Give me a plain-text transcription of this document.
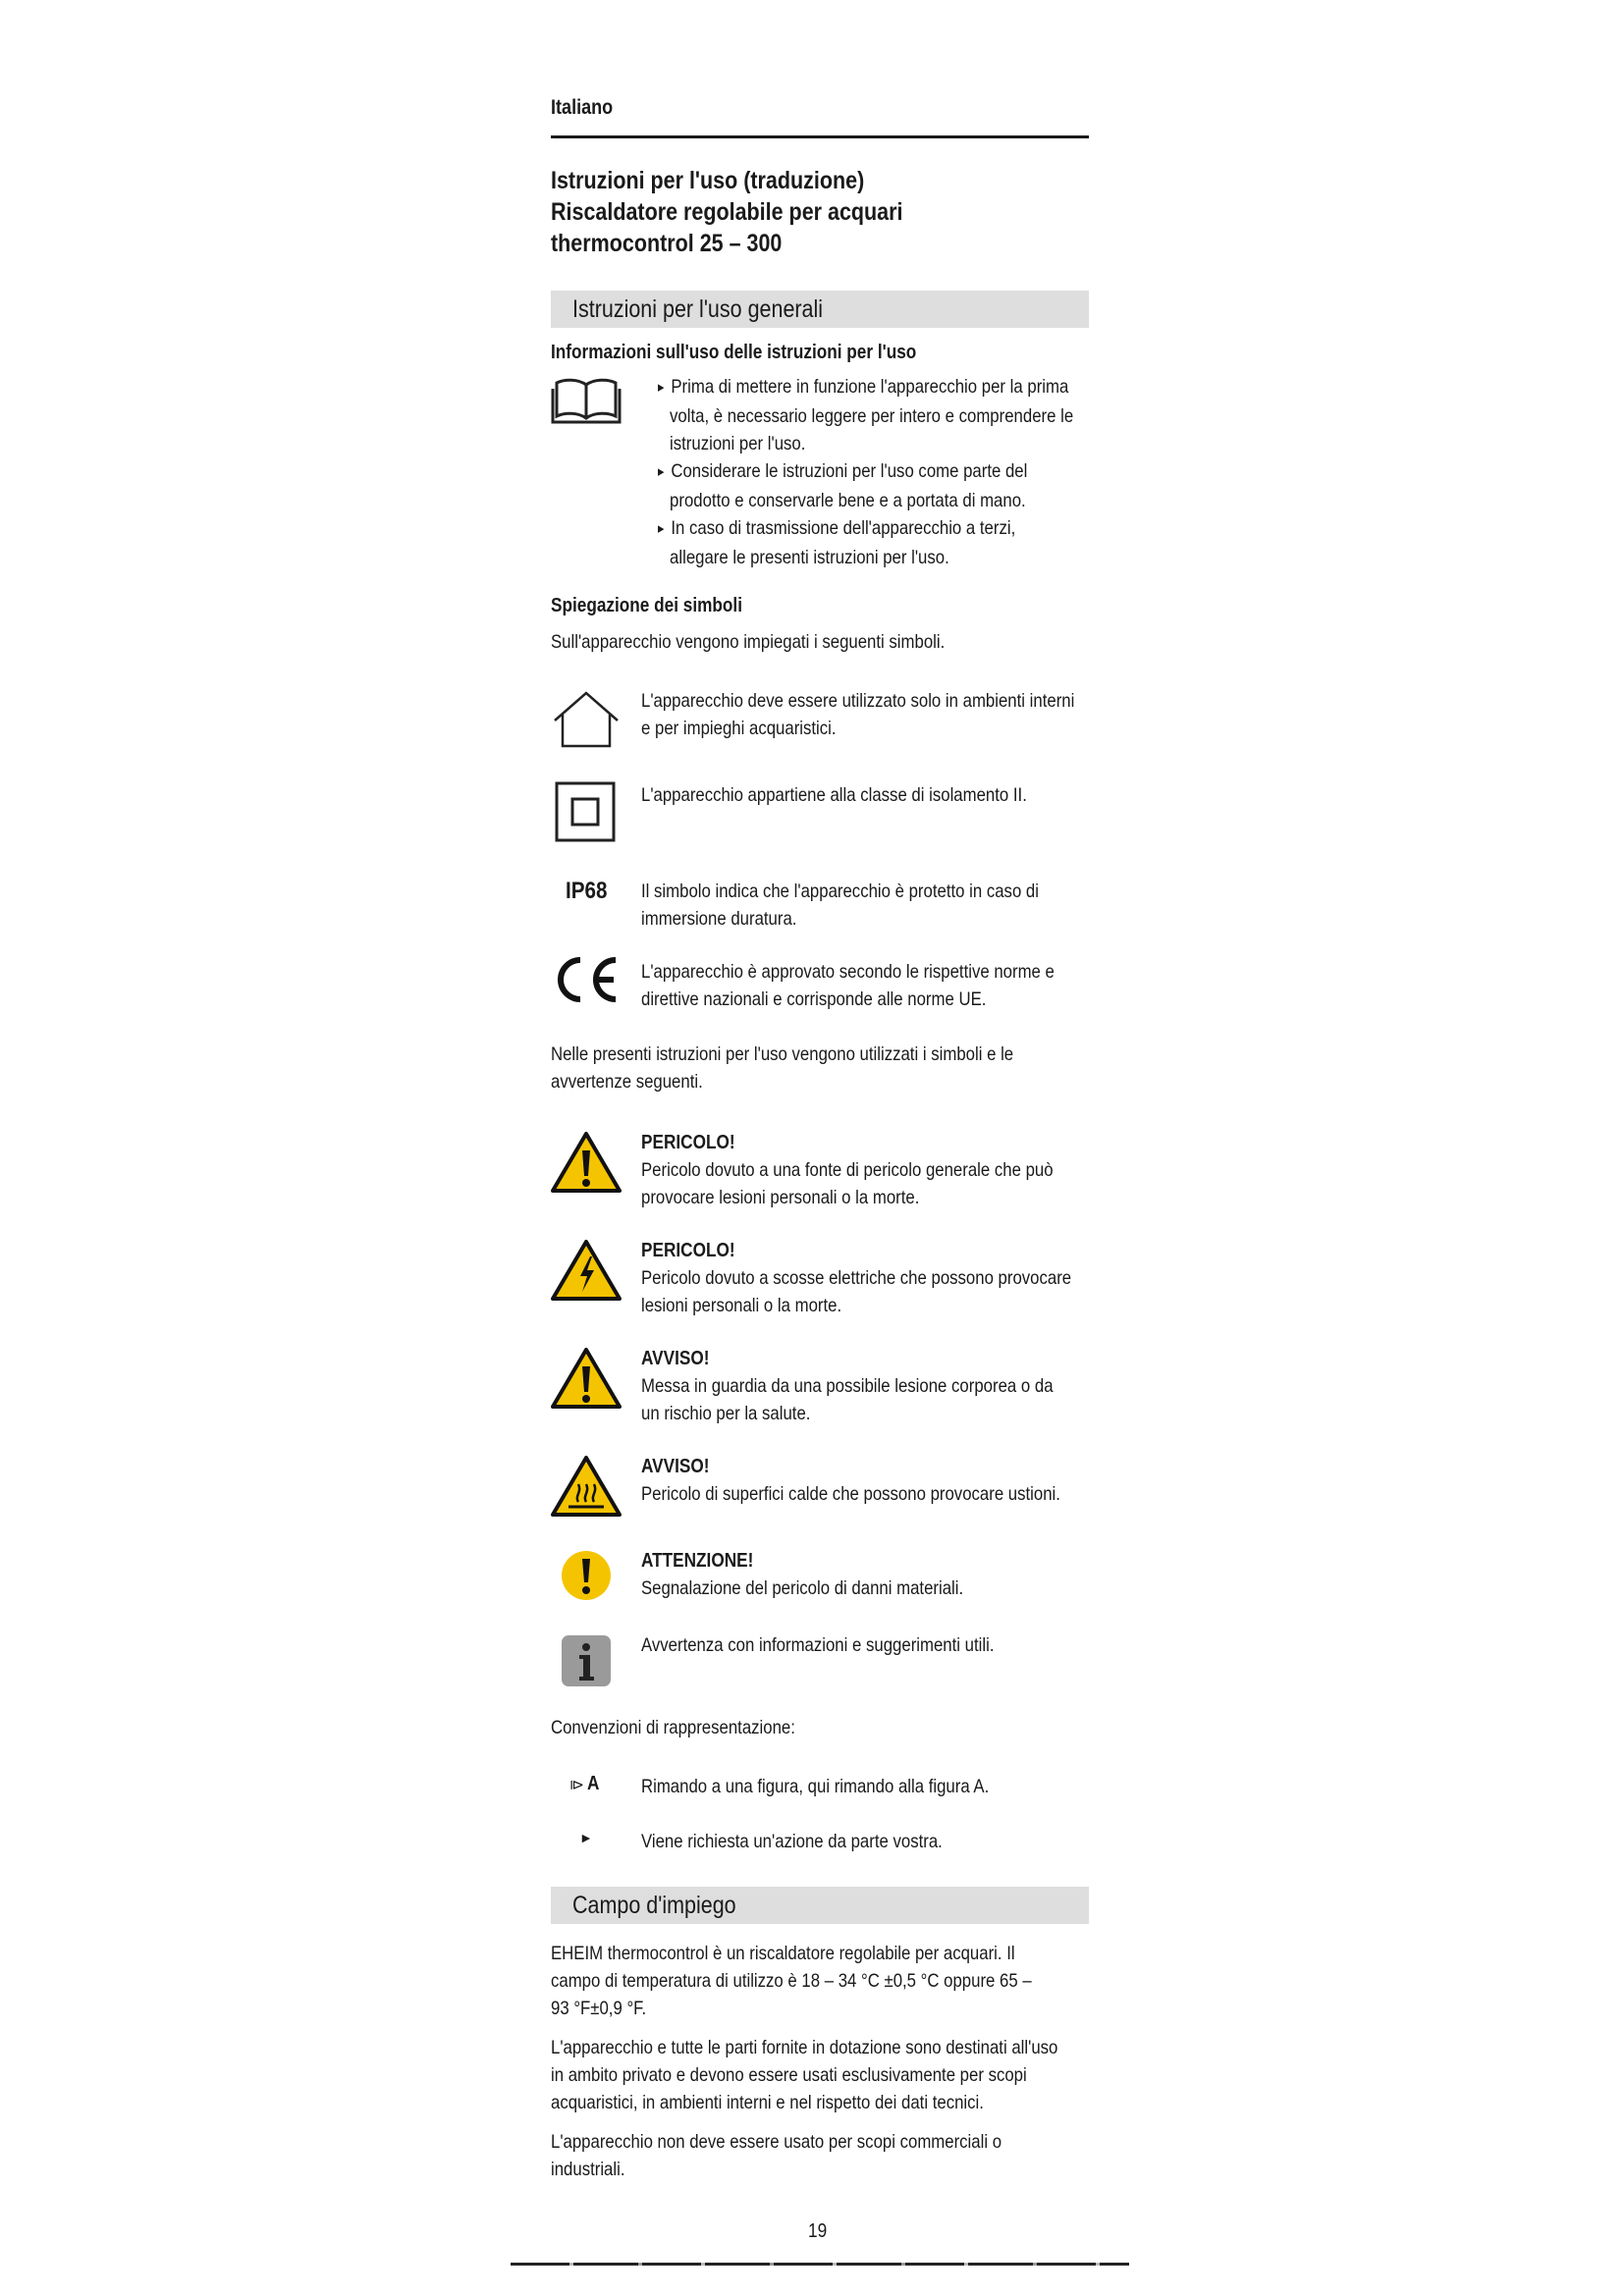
Italiano
Istruzioni per l'uso (traduzione)
Riscaldatore regolabile per acquari
thermocontrol 25 – 300
Istruzioni per l'uso generali
Informazioni sull'uso delle istruzioni per l'uso
▸ Prima di mettere in funzione l'apparecchio per la prima
volta, è necessario leggere per intero e comprendere le
istruzioni per l'uso.
▸ Considerare le istruzioni per l'uso come parte del
prodotto e conservarle bene e a portata di mano.
▸ In caso di trasmissione dell'apparecchio a terzi,
allegare le presenti istruzioni per l'uso.
Spiegazione dei simboli
Sull'apparecchio vengono impiegati i seguenti simboli.
L'apparecchio deve essere utilizzato solo in ambienti interni
e per impieghi acquaristici.
L'apparecchio appartiene alla classe di isolamento II.
IP68	Il simbolo indica che l'apparecchio è protetto in caso di
immersione duratura.
L'apparecchio è approvato secondo le rispettive norme e
direttive nazionali e corrisponde alle norme UE.
Nelle presenti istruzioni per l'uso vengono utilizzati i simboli e le
avvertenze seguenti.
PERICOLO!
Pericolo dovuto a una fonte di pericolo generale che può
provocare lesioni personali o la morte.
PERICOLO!
Pericolo dovuto a scosse elettriche che possono provocare
lesioni personali o la morte.
AVVISO!
Messa in guardia da una possibile lesione corporea o da
un rischio per la salute.
AVVISO!
Pericolo di superfici calde che possono provocare ustioni.
ATTENZIONE!
Segnalazione del pericolo di danni materiali.
Avvertenza con informazioni e suggerimenti utili.
Convenzioni di rappresentazione:
⧐ A Rimando a una figura, qui rimando alla figura A.
►	Viene richiesta un'azione da parte vostra.
Campo d'impiego
EHEIM thermocontrol è un riscaldatore regolabile per acquari. Il
campo di temperatura di utilizzo è 18 – 34 °C ±0,5 °C oppure 65 –
93 °F±0,9 °F.
L'apparecchio e tutte le parti fornite in dotazione sono destinati all'uso
in ambito privato e devono essere usati esclusivamente per scopi
acquaristici, in ambienti interni e nel rispetto dei dati tecnici.
L'apparecchio non deve essere usato per scopi commerciali o
industriali.
19
